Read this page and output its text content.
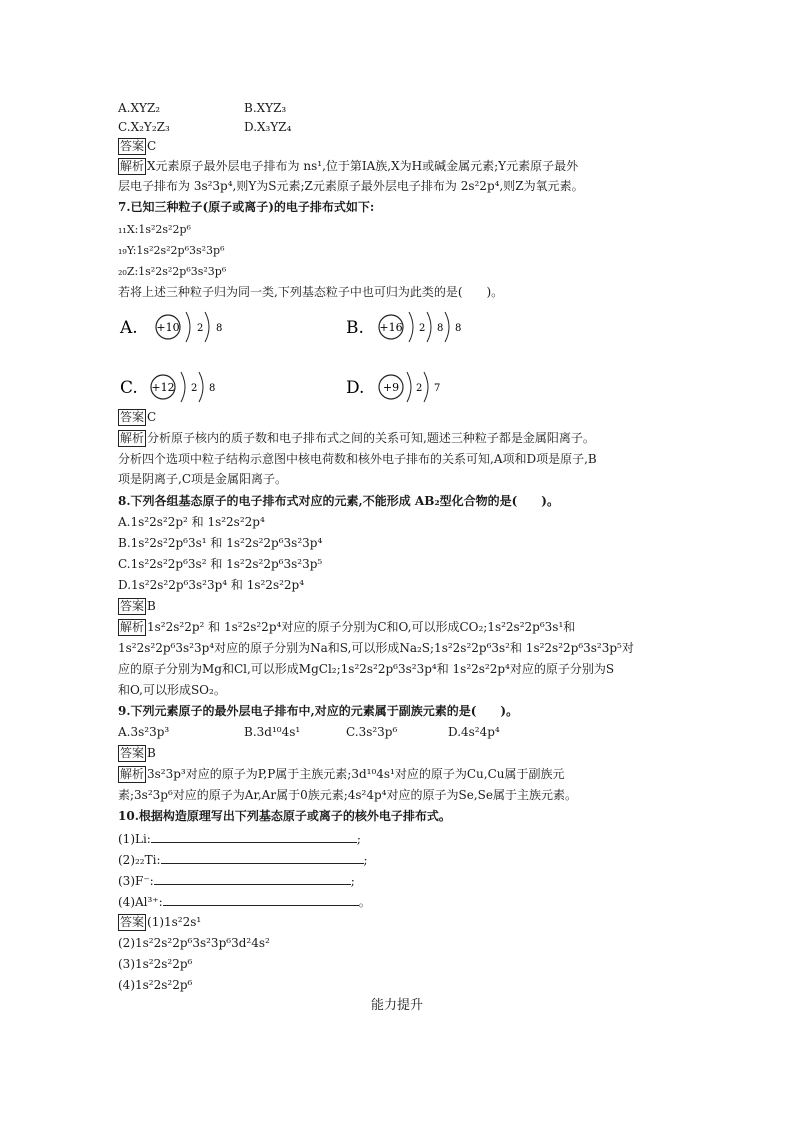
A.XYZ₂	B.XYZ₃
C.X₂Y₂Z₃	D.X₃YZ₄
答案 C
解析 X元素原子最外层电子排布为 ns¹,位于第ⅠA族,X为H或碱金属元素;Y元素原子最外
层电子排布为 3s²3p⁴,则Y为S元素;Z元素原子最外层电子排布为 2s²2p⁴,则Z为氧元素。
7.已知三种粒子(原子或离子)的电子排布式如下:
₁₁X:1s²2s²2p⁶
₁₉Y:1s²2s²2p⁶3s²3p⁶
₂₀Z:1s²2s²2p⁶3s²3p⁶
若将上述三种粒子归为同一类,下列基态粒子中也可归为此类的是(　　)。
A. +10 2 8	B. +16 2 8 8
C. +12 2 8	D. +9 2 7
答案 C
解析 分析原子核内的质子数和电子排布式之间的关系可知,题述三种粒子都是金属阳离子。
分析四个选项中粒子结构示意图中核电荷数和核外电子排布的关系可知,A项和D项是原子,B
项是阴离子,C项是金属阳离子。
8.下列各组基态原子的电子排布式对应的元素,不能形成 AB₂型化合物的是(　　)。
A.1s²2s²2p² 和 1s²2s²2p⁴
B.1s²2s²2p⁶3s¹ 和 1s²2s²2p⁶3s²3p⁴
C.1s²2s²2p⁶3s² 和 1s²2s²2p⁶3s²3p⁵
D.1s²2s²2p⁶3s²3p⁴ 和 1s²2s²2p⁴
答案 B
解析 1s²2s²2p² 和 1s²2s²2p⁴对应的原子分别为C和O,可以形成CO₂;1s²2s²2p⁶3s¹和
1s²2s²2p⁶3s²3p⁴对应的原子分别为Na和S,可以形成Na₂S;1s²2s²2p⁶3s²和 1s²2s²2p⁶3s²3p⁵对
应的原子分别为Mg和Cl,可以形成MgCl₂;1s²2s²2p⁶3s²3p⁴和 1s²2s²2p⁴对应的原子分别为S
和O,可以形成SO₂。
9.下列元素原子的最外层电子排布中,对应的元素属于副族元素的是(　　)。
A.3s²3p³	B.3d¹⁰4s¹	C.3s²3p⁶	D.4s²4p⁴
答案 B
解析 3s²3p³对应的原子为P,P属于主族元素;3d¹⁰4s¹对应的原子为Cu,Cu属于副族元
素;3s²3p⁶对应的原子为Ar,Ar属于0族元素;4s²4p⁴对应的原子为Se,Se属于主族元素。
10.根据构造原理写出下列基态原子或离子的核外电子排布式。
(1)Li:	;
(2)₂₂Ti:	;
(3)F⁻:	;
(4)Al³⁺:	。
答案 (1)1s²2s¹
(2)1s²2s²2p⁶3s²3p⁶3d²4s²
(3)1s²2s²2p⁶
(4)1s²2s²2p⁶
能力提升
